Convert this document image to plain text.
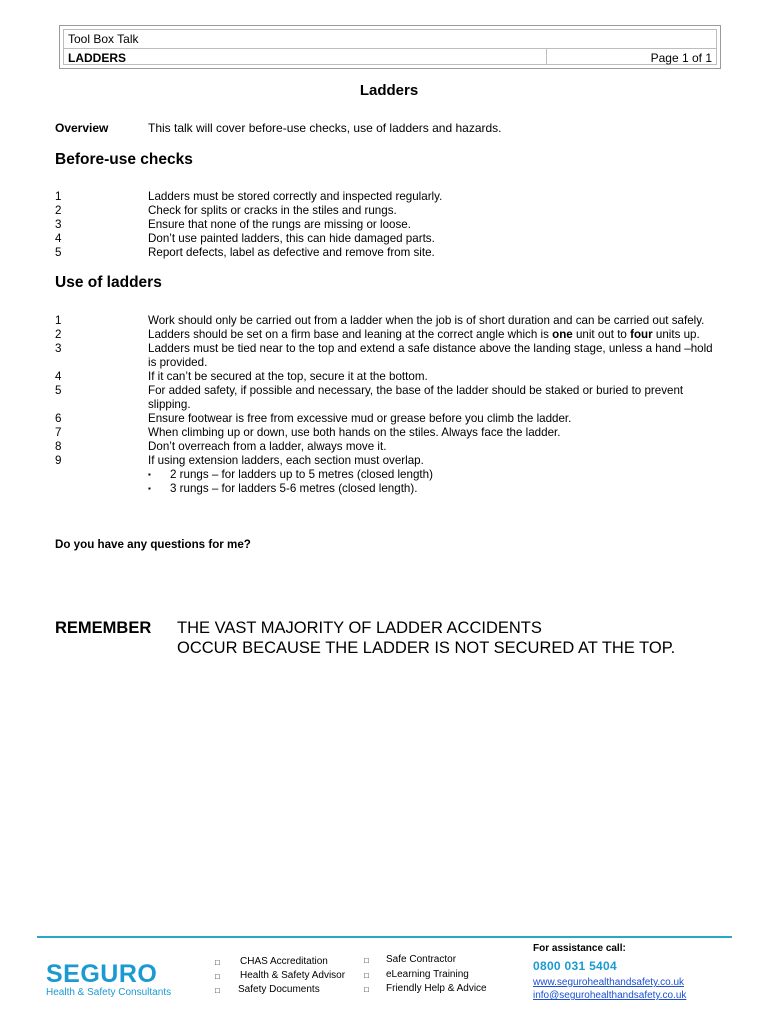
Tool Box Talk
LADDERS	Page 1 of 1
Ladders
Overview	This talk will cover before-use checks, use of ladders and hazards.
Before-use checks
1	Ladders must be stored correctly and inspected regularly.
2	Check for splits or cracks in the stiles and rungs.
3	Ensure that none of the rungs are missing or loose.
4	Don’t use painted ladders, this can hide damaged parts.
5	Report defects, label as defective and remove from site.
Use of ladders
1	Work should only be carried out from a ladder when the job is of short duration and can be carried out safely.
2	Ladders should be set on a firm base and leaning at the correct angle which is one unit out to four units up.
3	Ladders must be tied near to the top and extend a safe distance above the landing stage, unless a hand –hold is provided.
4	If it can’t be secured at the top, secure it at the bottom.
5	For added safety, if possible and necessary, the base of the ladder should be staked or buried to prevent slipping.
6	Ensure footwear is free from excessive mud or grease before you climb the ladder.
7	When climbing up or down, use both hands on the stiles. Always face the ladder.
8	Don’t overreach from a ladder, always move it.
9	If using extension ladders, each section must overlap.
▪	2 rungs – for ladders up to 5 metres (closed length)
▪	3 rungs – for ladders 5-6 metres (closed length).
Do you have any questions for me?
REMEMBER THE VAST MAJORITY OF LADDER ACCIDENTS
OCCUR BECAUSE THE LADDER IS NOT SECURED AT THE TOP.
SEGURO
Health & Safety Consultants
□ CHAS Accreditation
□ Health & Safety Advisor
□ Safety Documents
□ Safe Contractor
□ eLearning Training
□ Friendly Help & Advice
For assistance call:
0800 031 5404
www.segurohealthandsafety.co.uk
info@segurohealthandsafety.co.uk
